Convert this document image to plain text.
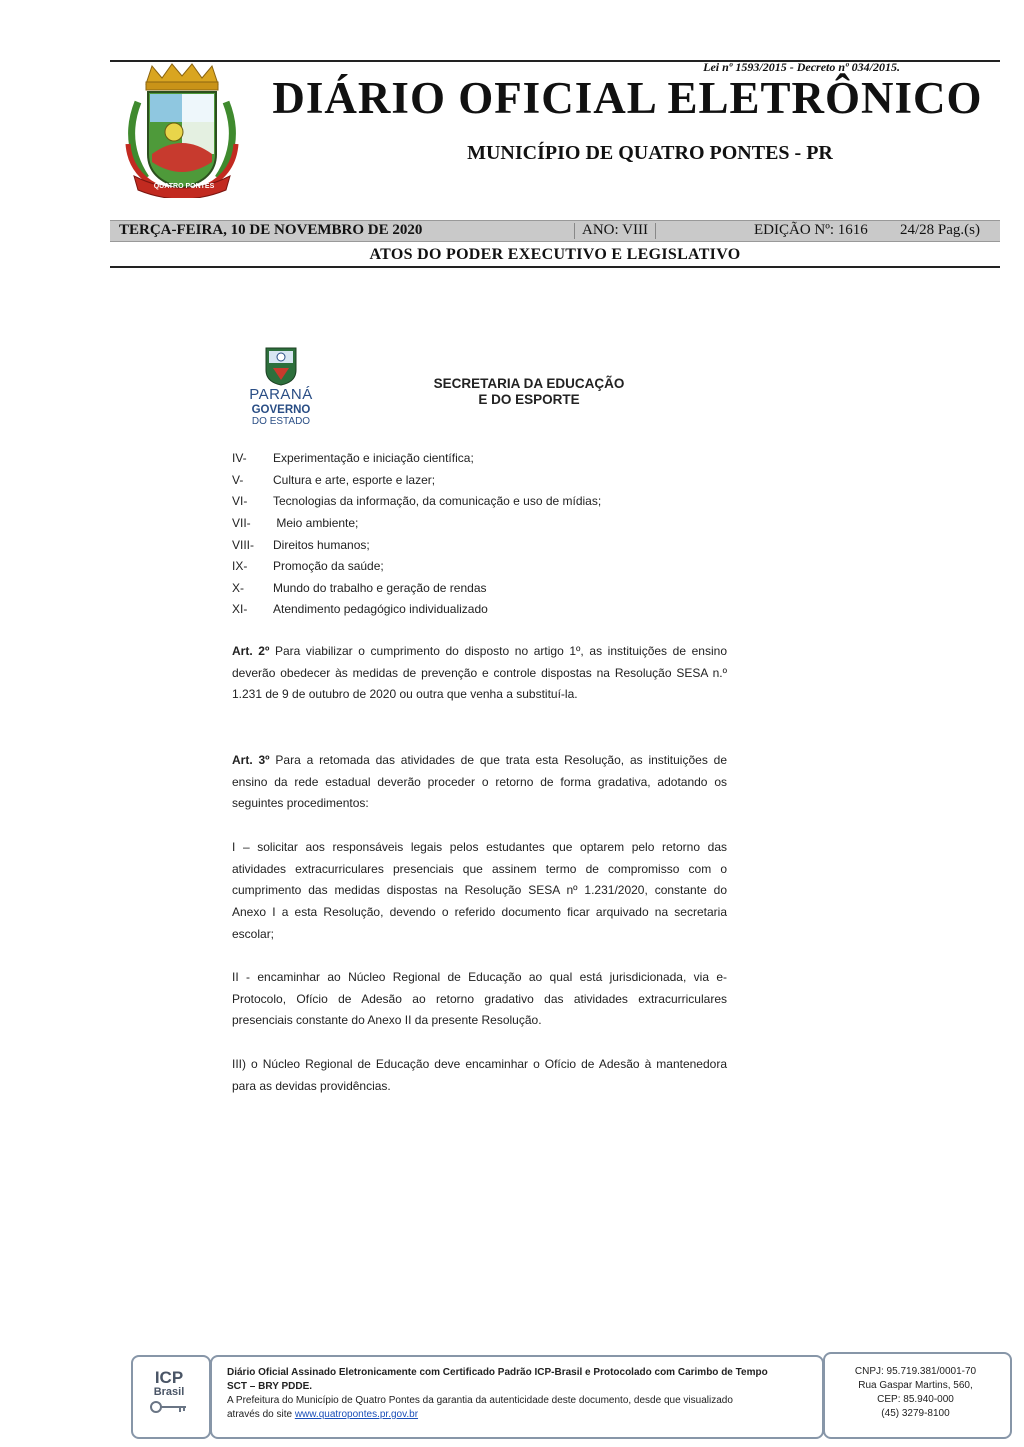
Lei nº 1593/2015 - Decreto nº 034/2015.
QUATRO PONTES
DIÁRIO OFICIAL ELETRÔNICO
MUNICÍPIO DE QUATRO PONTES - PR
TERÇA-FEIRA, 10 DE NOVEMBRO DE 2020	ANO: VIII	EDIÇÃO Nº: 1616 24/28 Pag.(s)
ATOS DO PODER EXECUTIVO E LEGISLATIVO
PARANÁ
GOVERNO
DO ESTADO
SECRETARIA DA EDUCAÇÃO
E DO ESPORTE
IV-	Experimentação e iniciação científica;
V-	Cultura e arte, esporte e lazer;
VI-	Tecnologias da informação, da comunicação e uso de mídias;
VII-	Meio ambiente;
VIII-	Direitos humanos;
IX-	Promoção da saúde;
X-	Mundo do trabalho e geração de rendas
XI-	Atendimento pedagógico individualizado
Art. 2º Para viabilizar o cumprimento do disposto no artigo 1º, as instituições de ensino deverão obedecer às medidas de prevenção e controle dispostas na Resolução SESA n.º 1.231 de 9 de outubro de 2020 ou outra que venha a substituí-la.
Art. 3º Para a retomada das atividades de que trata esta Resolução, as instituições de ensino da rede estadual deverão proceder o retorno de forma gradativa, adotando os seguintes procedimentos:
I – solicitar aos responsáveis legais pelos estudantes que optarem pelo retorno das atividades extracurriculares presenciais que assinem termo de compromisso com o cumprimento das medidas dispostas na Resolução SESA nº 1.231/2020, constante do Anexo I a esta Resolução, devendo o referido documento ficar arquivado na secretaria escolar;
II - encaminhar ao Núcleo Regional de Educação ao qual está jurisdicionada, via e-Protocolo, Ofício de Adesão ao retorno gradativo das atividades extracurriculares presenciais constante do Anexo II da presente Resolução.
III) o Núcleo Regional de Educação deve encaminhar o Ofício de Adesão à mantenedora para as devidas providências.
ICP
Brasil
Diário Oficial Assinado Eletronicamente com Certificado Padrão ICP-Brasil e Protocolado com Carimbo de Tempo
SCT – BRY PDDE.
A Prefeitura do Município de Quatro Pontes da garantia da autenticidade deste documento, desde que visualizado
através do site www.quatropontes.pr.gov.br
CNPJ: 95.719.381/0001-70
Rua Gaspar Martins, 560,
CEP: 85.940-000
(45) 3279-8100
